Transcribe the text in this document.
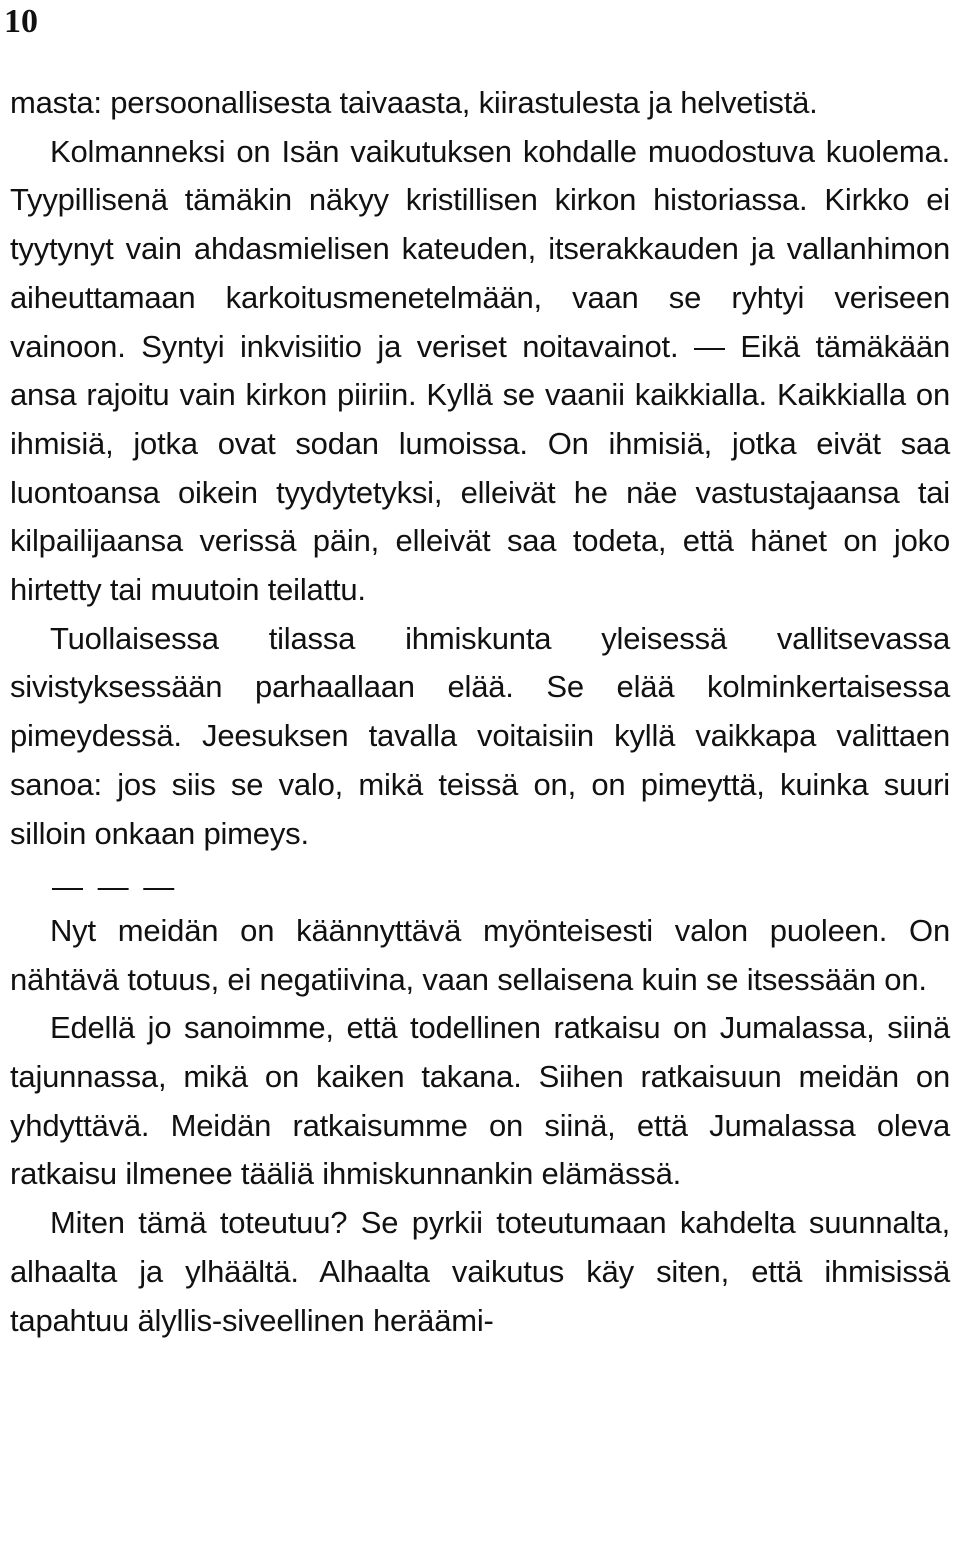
10

masta: persoonallisesta taivaasta, kiirastulesta ja helvetistä.

Kolmanneksi on Isän vaikutuksen kohdalle muodostuva kuolema. Tyypillisenä tämäkin näkyy kristillisen kirkon historiassa. Kirkko ei tyytynyt vain ahdasmielisen kateuden, itserakkauden ja vallanhimon aiheuttamaan karkoitusmenetelmään, vaan se ryhtyi veriseen vainoon. Syntyi inkvisiitio ja veriset noitavainot. — Eikä tämäkään ansa rajoitu vain kirkon piiriin. Kyllä se vaanii kaikkialla. Kaikkialla on ihmisiä, jotka ovat sodan lumoissa. On ihmisiä, jotka eivät saa luontoansa oikein tyydytetyksi, elleivät he näe vastustajaansa tai kilpailijaansa verissä päin, elleivät saa todeta, että hänet on joko hirtetty tai muutoin teilattu.

Tuollaisessa tilassa ihmiskunta yleisessä vallitsevassa sivistyksessään parhaallaan elää. Se elää kolminkertaisessa pimeydessä. Jeesuksen tavalla voitaisiin kyllä vaikkapa valittaen sanoa: jos siis se valo, mikä teissä on, on pimeyttä, kuinka suuri silloin onkaan pimeys.

— — —

Nyt meidän on käännyttävä myönteisesti valon puoleen. On nähtävä totuus, ei negatiivina, vaan sellaisena kuin se itsessään on.

Edellä jo sanoimme, että todellinen ratkaisu on Jumalassa, siinä tajunnassa, mikä on kaiken takana. Siihen ratkaisuun meidän on yhdyttävä. Meidän ratkaisumme on siinä, että Jumalassa oleva ratkaisu ilmenee tääliä ihmiskunnankin elämässä.

Miten tämä toteutuu? Se pyrkii toteutumaan kahdelta suunnalta, alhaalta ja ylhäältä. Alhaalta vaikutus käy siten, että ihmisissä tapahtuu älyllis-siveellinen heräämi-
